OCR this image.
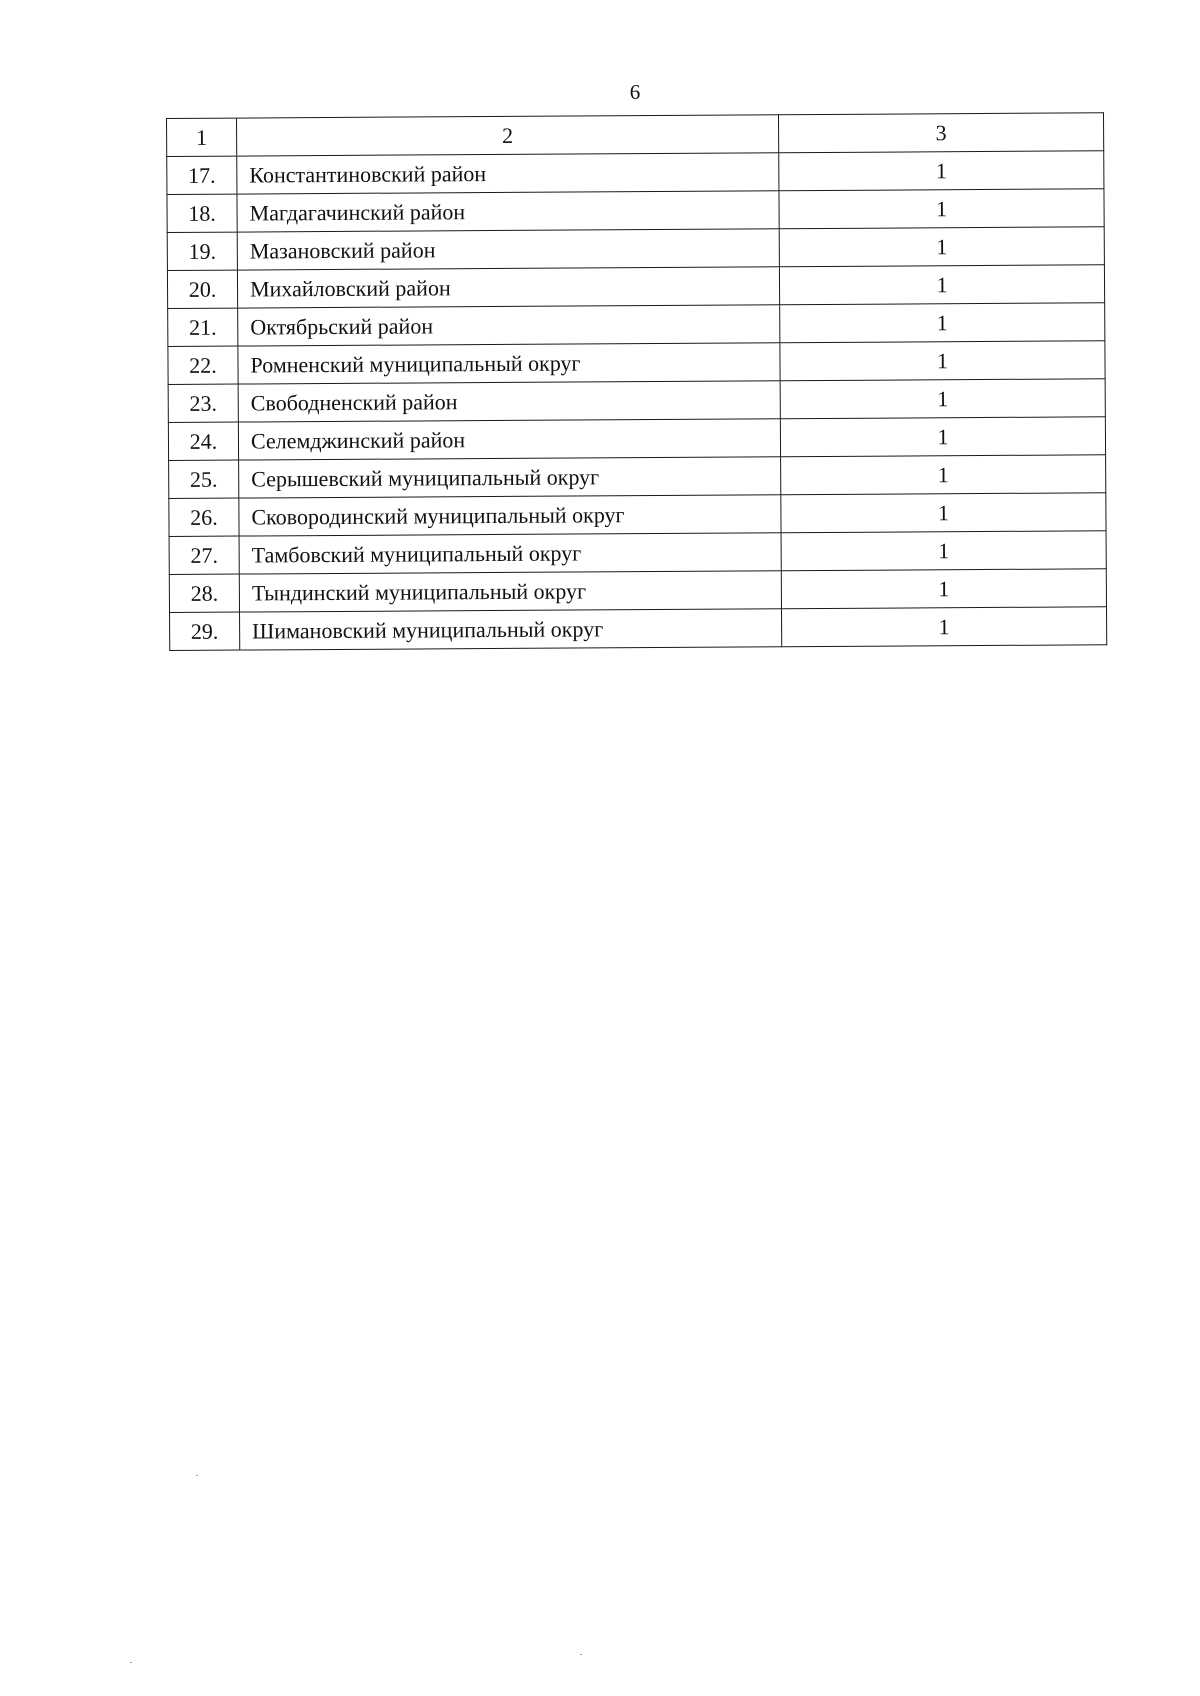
6
1	2	3
17.	Константиновский район	1
18.	Магдагачинский район	1
19.	Мазановский район	1
20.	Михайловский район	1
21.	Октябрьский район	1
22.	Ромненский муниципальный округ	1
23.	Свободненский район	1
24.	Селемджинский район	1
25.	Серышевский муниципальный округ	1
26.	Сковородинский муниципальный округ	1
27.	Тамбовский муниципальный округ	1
28.	Тындинский муниципальный округ	1
29.	Шимановский муниципальный округ	1
